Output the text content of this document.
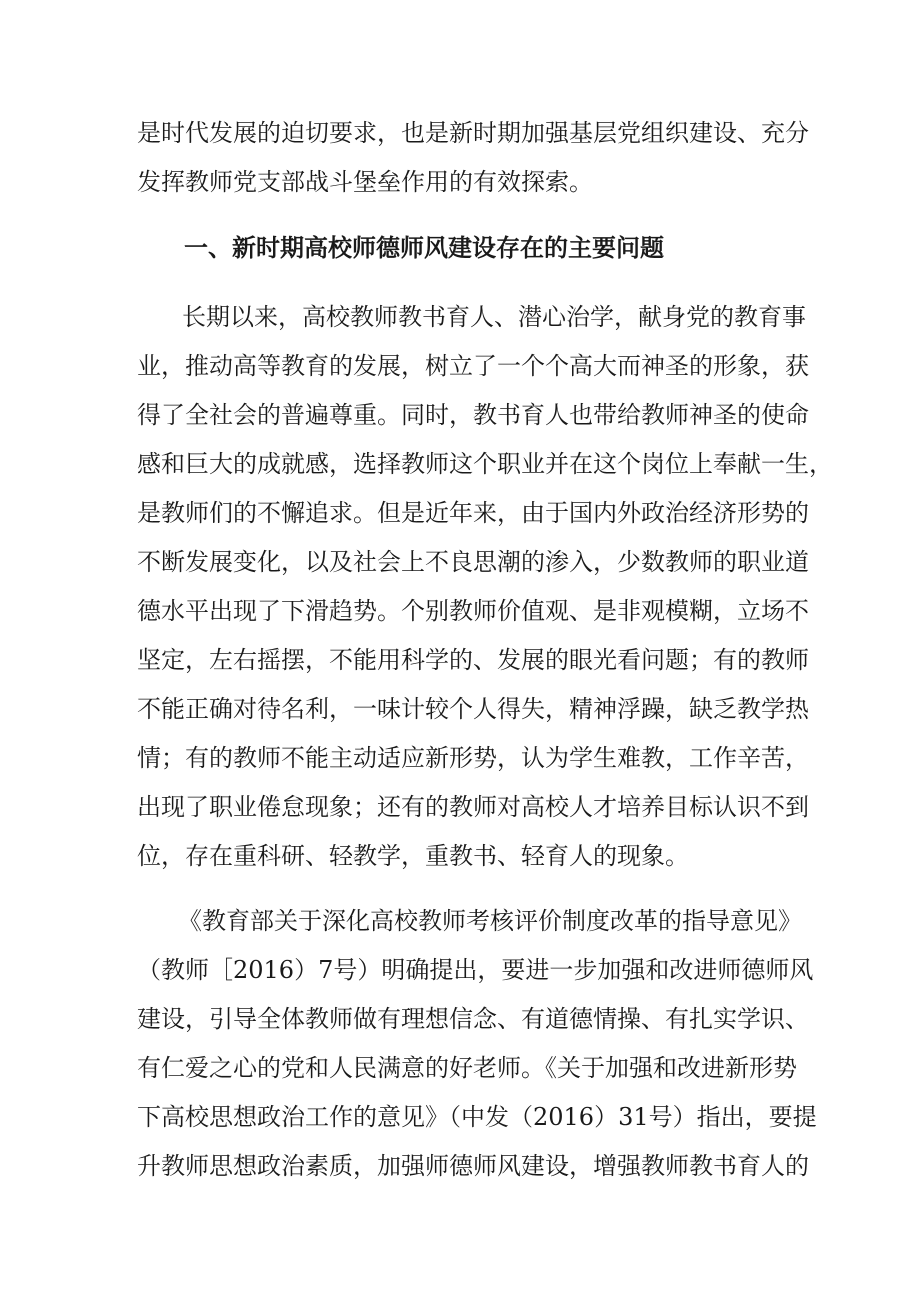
是时代发展的迫切要求，也是新时期加强基层党组织建设、充分
发挥教师党支部战斗堡垒作用的有效探索。
一、新时期高校师德师风建设存在的主要问题
长期以来，高校教师教书育人、潜心治学，献身党的教育事
业，推动高等教育的发展，树立了一个个高大而神圣的形象，获
得了全社会的普遍尊重。同时，教书育人也带给教师神圣的使命
感和巨大的成就感，选择教师这个职业并在这个岗位上奉献一生，
是教师们的不懈追求。但是近年来，由于国内外政治经济形势的
不断发展变化，以及社会上不良思潮的渗入，少数教师的职业道
德水平出现了下滑趋势。个别教师价值观、是非观模糊，立场不
坚定，左右摇摆，不能用科学的、发展的眼光看问题；有的教师
不能正确对待名利，一味计较个人得失，精神浮躁，缺乏教学热
情；有的教师不能主动适应新形势，认为学生难教，工作辛苦，
出现了职业倦怠现象；还有的教师对高校人才培养目标认识不到
位，存在重科研、轻教学，重教书、轻育人的现象。
《教育部关于深化高校教师考核评价制度改革的指导意见》
（教师［2016）7号）明确提出，要进一步加强和改进师德师风
建设，引导全体教师做有理想信念、有道德情操、有扎实学识、
有仁爱之心的党和人民满意的好老师。《关于加强和改进新形势
下高校思想政治工作的意见》（中发（2016）31号）指出，要提
升教师思想政治素质，加强师德师风建设，增强教师教书育人的
